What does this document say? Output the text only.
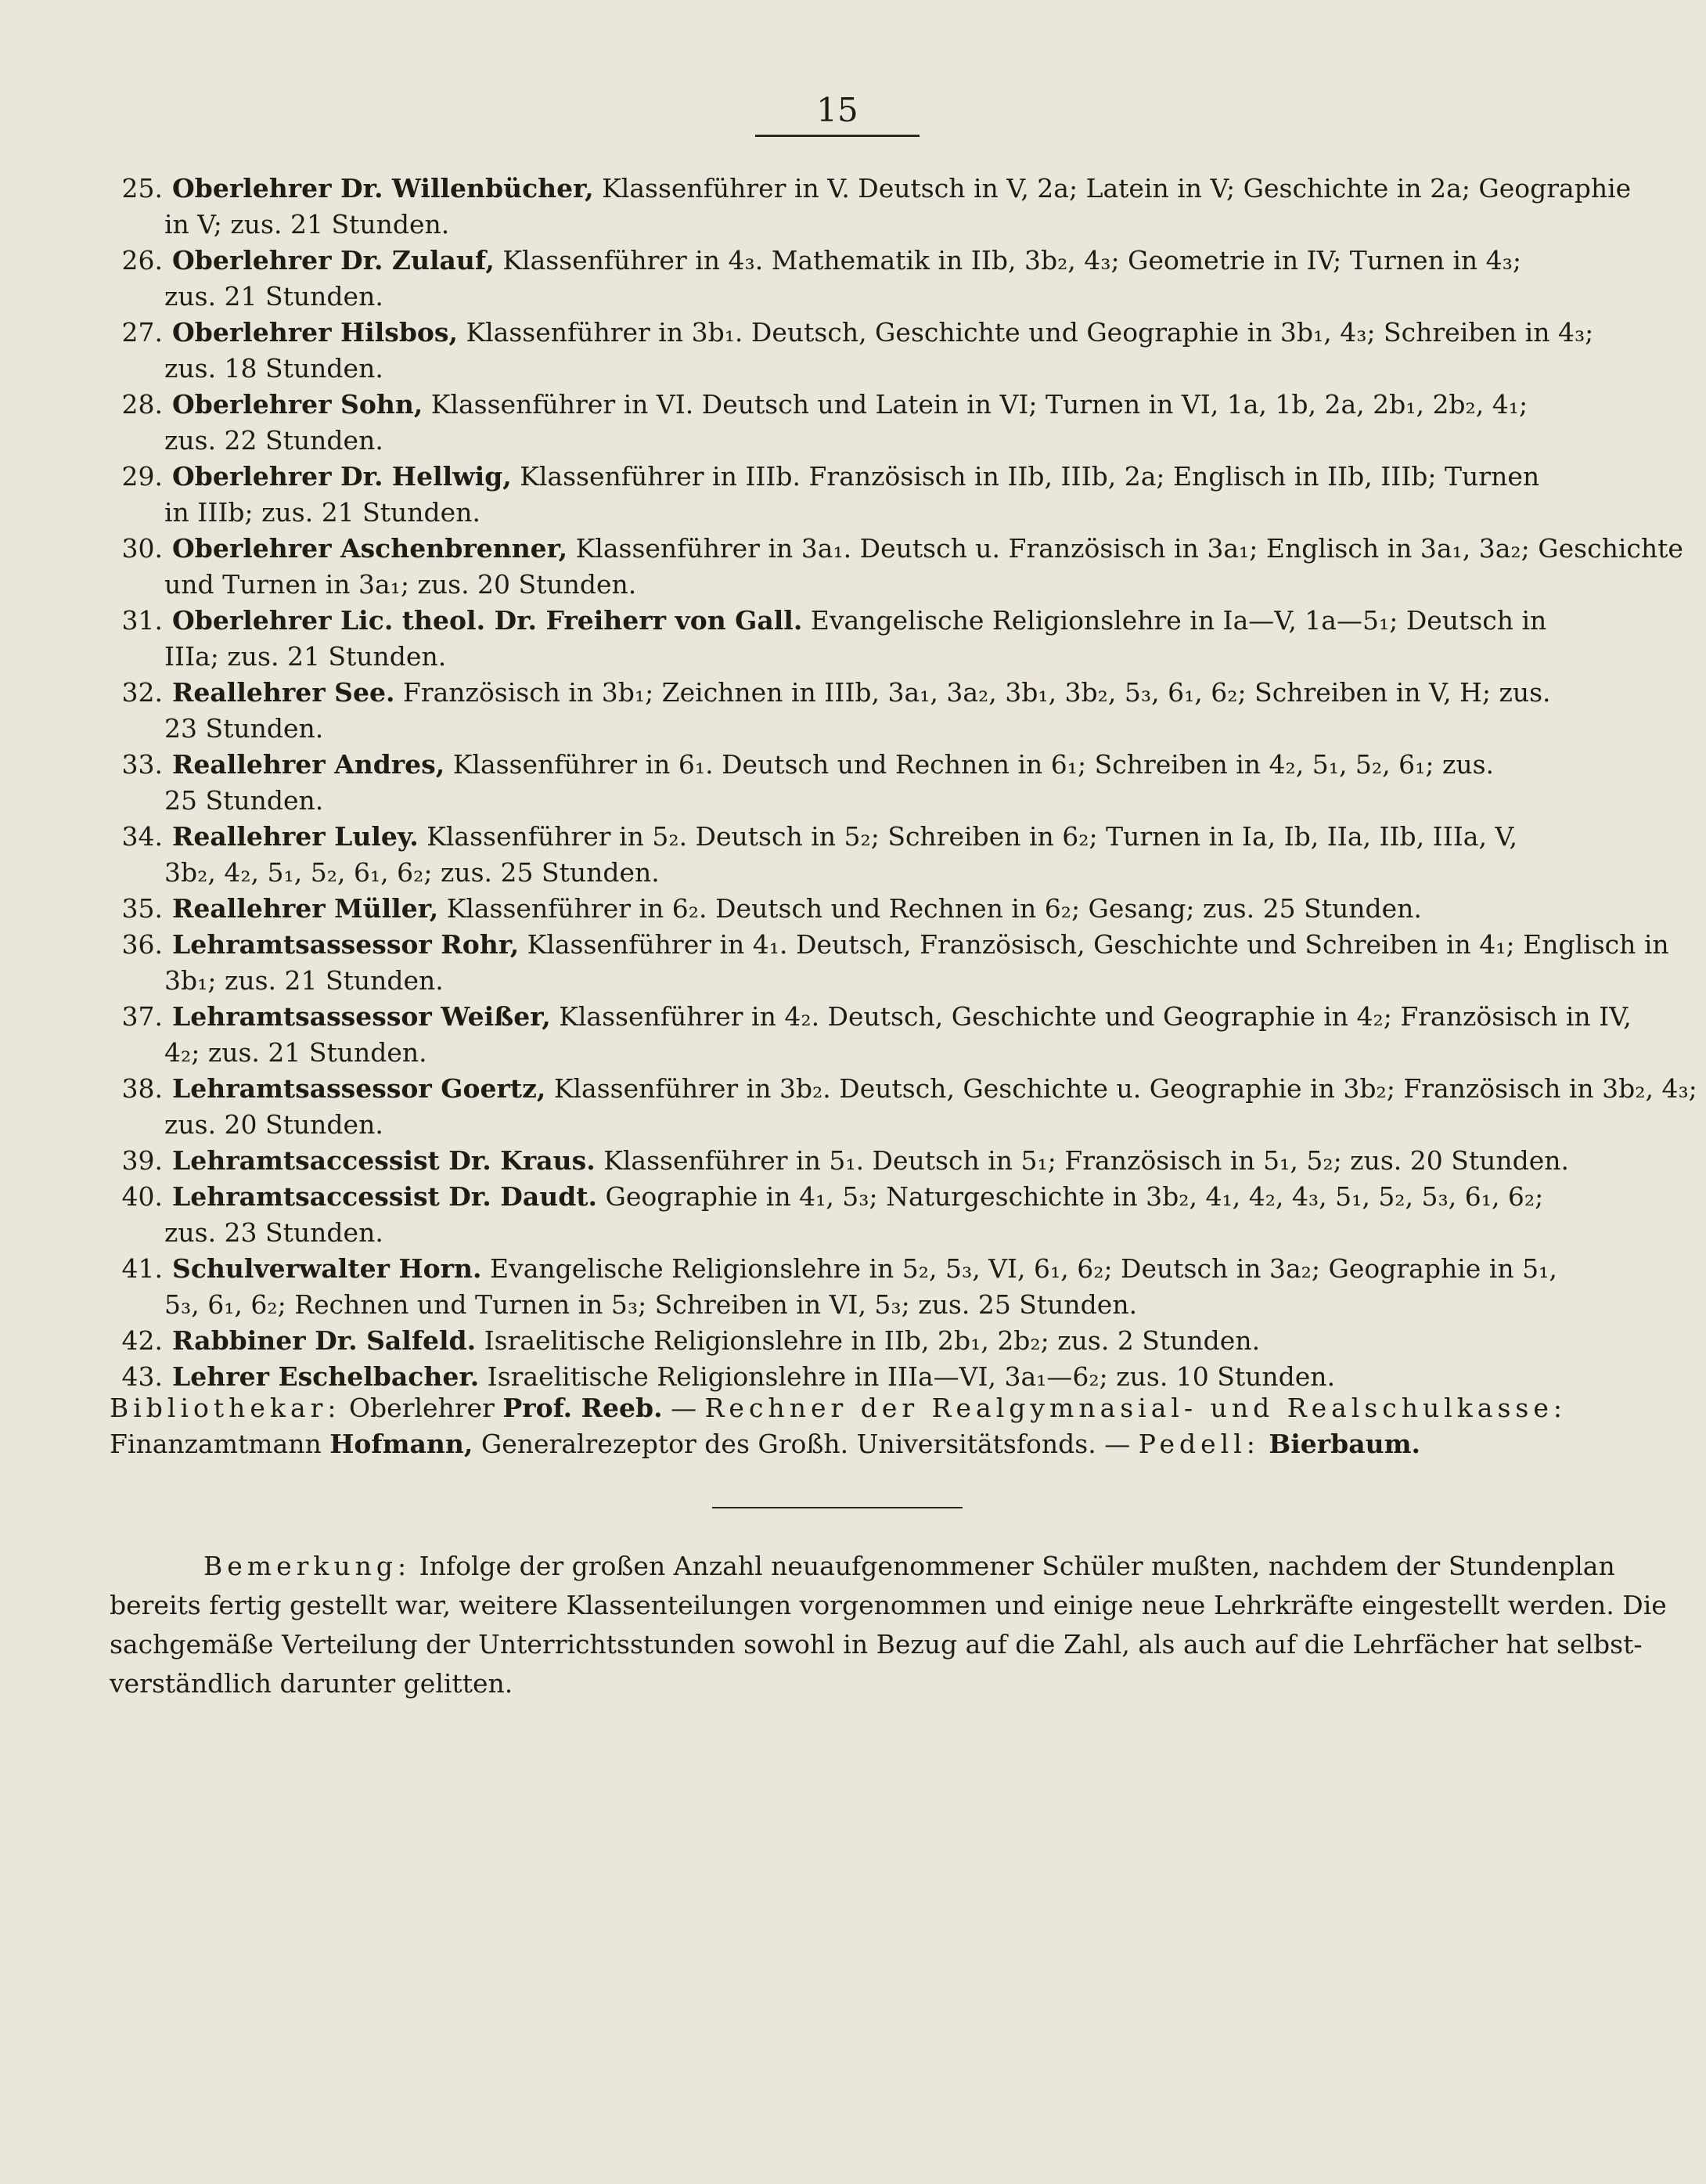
15
25. Oberlehrer Dr. Willenbücher, Klassenführer in V. Deutsch in V, 2a; Latein in V; Geschichte in 2a; Geographie
in V; zus. 21 Stunden.
26. Oberlehrer Dr. Zulauf, Klassenführer in 4₃. Mathematik in IIb, 3b₂, 4₃; Geometrie in IV; Turnen in 4₃;
zus. 21 Stunden.
27. Oberlehrer Hilsbos, Klassenführer in 3b₁. Deutsch, Geschichte und Geographie in 3b₁, 4₃; Schreiben in 4₃;
zus. 18 Stunden.
28. Oberlehrer Sohn, Klassenführer in VI. Deutsch und Latein in VI; Turnen in VI, 1a, 1b, 2a, 2b₁, 2b₂, 4₁;
zus. 22 Stunden.
29. Oberlehrer Dr. Hellwig, Klassenführer in IIIb. Französisch in IIb, IIIb, 2a; Englisch in IIb, IIIb; Turnen
in IIIb; zus. 21 Stunden.
30. Oberlehrer Aschenbrenner, Klassenführer in 3a₁. Deutsch u. Französisch in 3a₁; Englisch in 3a₁, 3a₂; Geschichte
und Turnen in 3a₁; zus. 20 Stunden.
31. Oberlehrer Lic. theol. Dr. Freiherr von Gall. Evangelische Religionslehre in Ia—V, 1a—5₁; Deutsch in
IIIa; zus. 21 Stunden.
32. Reallehrer See. Französisch in 3b₁; Zeichnen in IIIb, 3a₁, 3a₂, 3b₁, 3b₂, 5₃, 6₁, 6₂; Schreiben in V, H; zus.
23 Stunden.
33. Reallehrer Andres, Klassenführer in 6₁. Deutsch und Rechnen in 6₁; Schreiben in 4₂, 5₁, 5₂, 6₁; zus.
25 Stunden.
34. Reallehrer Luley. Klassenführer in 5₂. Deutsch in 5₂; Schreiben in 6₂; Turnen in Ia, Ib, IIa, IIb, IIIa, V,
3b₂, 4₂, 5₁, 5₂, 6₁, 6₂; zus. 25 Stunden.
35. Reallehrer Müller, Klassenführer in 6₂. Deutsch und Rechnen in 6₂; Gesang; zus. 25 Stunden.
36. Lehramtsassessor Rohr, Klassenführer in 4₁. Deutsch, Französisch, Geschichte und Schreiben in 4₁; Englisch in
3b₁; zus. 21 Stunden.
37. Lehramtsassessor Weißer, Klassenführer in 4₂. Deutsch, Geschichte und Geographie in 4₂; Französisch in IV,
4₂; zus. 21 Stunden.
38. Lehramtsassessor Goertz, Klassenführer in 3b₂. Deutsch, Geschichte u. Geographie in 3b₂; Französisch in 3b₂, 4₃;
zus. 20 Stunden.
39. Lehramtsaccessist Dr. Kraus. Klassenführer in 5₁. Deutsch in 5₁; Französisch in 5₁, 5₂; zus. 20 Stunden.
40. Lehramtsaccessist Dr. Daudt. Geographie in 4₁, 5₃; Naturgeschichte in 3b₂, 4₁, 4₂, 4₃, 5₁, 5₂, 5₃, 6₁, 6₂;
zus. 23 Stunden.
41. Schulverwalter Horn. Evangelische Religionslehre in 5₂, 5₃, VI, 6₁, 6₂; Deutsch in 3a₂; Geographie in 5₁,
5₃, 6₁, 6₂; Rechnen und Turnen in 5₃; Schreiben in VI, 5₃; zus. 25 Stunden.
42. Rabbiner Dr. Salfeld. Israelitische Religionslehre in IIb, 2b₁, 2b₂; zus. 2 Stunden.
43. Lehrer Eschelbacher. Israelitische Religionslehre in IIIa—VI, 3a₁—6₂; zus. 10 Stunden.
Bibliothekar: Oberlehrer Prof. Reeb. — Rechner der Realgymnasial- und Realschulkasse:
Finanzamtmann Hofmann, Generalrezeptor des Großh. Universitätsfonds. — Pedell: Bierbaum.
Bemerkung: Infolge der großen Anzahl neuaufgenommener Schüler mußten, nachdem der Stundenplan
bereits fertig gestellt war, weitere Klassenteilungen vorgenommen und einige neue Lehrkräfte eingestellt werden. Die
sachgemäße Verteilung der Unterrichtsstunden sowohl in Bezug auf die Zahl, als auch auf die Lehrfächer hat selbst-
verständlich darunter gelitten.
